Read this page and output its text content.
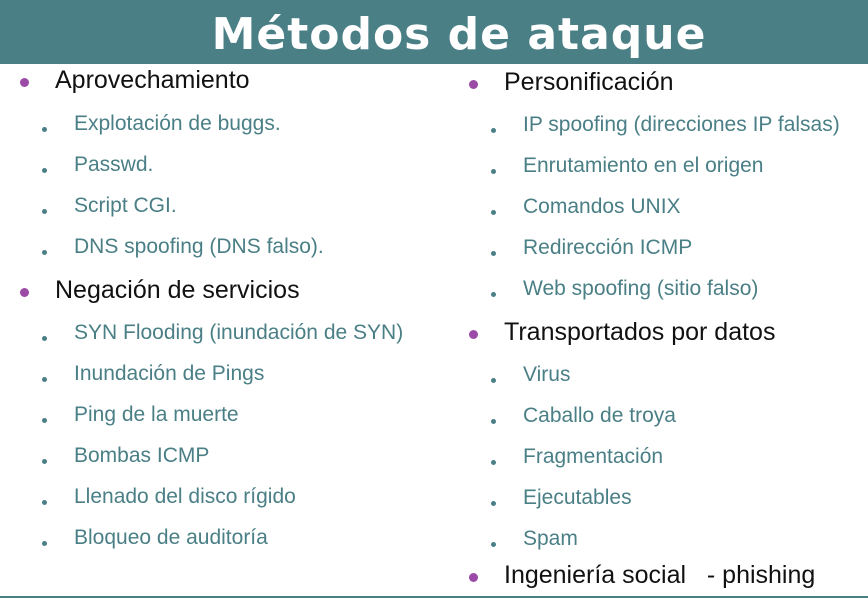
Métodos de ataque
Aprovechamiento
Explotación de buggs.
Passwd.
Script CGI.
DNS spoofing (DNS falso).
Negación de servicios
SYN Flooding (inundación de SYN)
Inundación de Pings
Ping de la muerte
Bombas ICMP
Llenado del disco rígido
Bloqueo de auditoría
Personificación
IP spoofing (direcciones IP falsas)
Enrutamiento en el origen
Comandos UNIX
Redirección ICMP
Web spoofing (sitio falso)
Transportados por datos
Virus
Caballo de troya
Fragmentación
Ejecutables
Spam
Ingeniería social   - phishing
